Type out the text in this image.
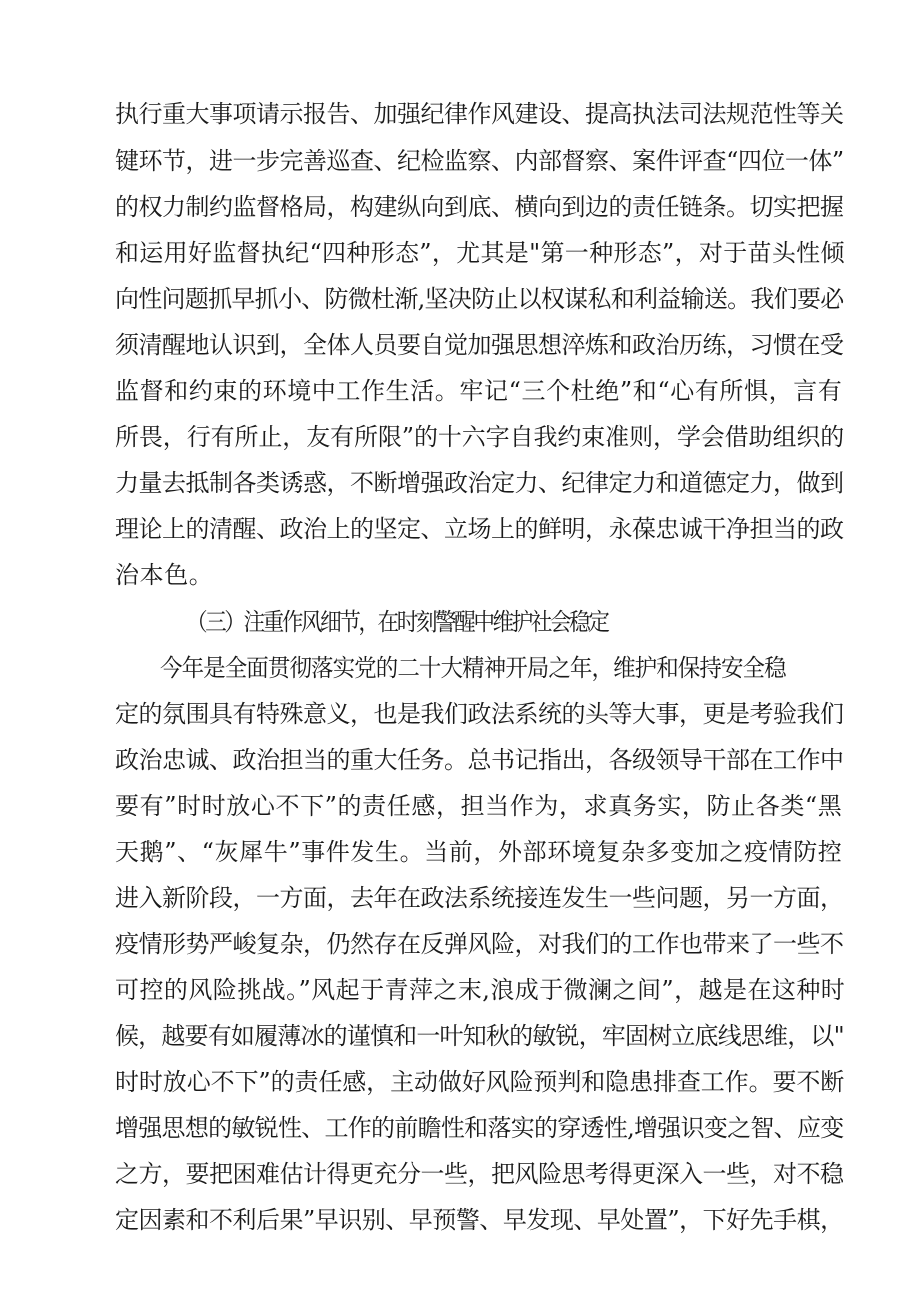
执行重大事项请示报告、加强纪律作风建设、提高执法司法规范性等关
键环节，进一步完善巡查、纪检监察、内部督察、案件评查“四位一体”
的权力制约监督格局，构建纵向到底、横向到边的责任链条。切实把握
和运用好监督执纪“四种形态”，尤其是"第一种形态”，对于苗头性倾
向性问题抓早抓小、防微杜渐,坚决防止以权谋私和利益输送。我们要必
须清醒地认识到，全体人员要自觉加强思想淬炼和政治历练，习惯在受
监督和约束的环境中工作生活。牢记“三个杜绝”和“心有所惧，言有
所畏，行有所止，友有所限”的十六字自我约束准则，学会借助组织的
力量去抵制各类诱惑，不断增强政治定力、纪律定力和道德定力，做到
理论上的清醒、政治上的坚定、立场上的鲜明，永葆忠诚干净担当的政
治本色。
（三）注重作风细节，在时刻警醒中维护社会稳定
今年是全面贯彻落实党的二十大精神开局之年，维护和保持安全稳
定的氛围具有特殊意义，也是我们政法系统的头等大事，更是考验我们
政治忠诚、政治担当的重大任务。总书记指出，各级领导干部在工作中
要有”时时放心不下”的责任感，担当作为，求真务实，防止各类“黑
天鹅”、“灰犀牛”事件发生。当前，外部环境复杂多变加之疫情防控
进入新阶段，一方面，去年在政法系统接连发生一些问题，另一方面，
疫情形势严峻复杂，仍然存在反弹风险，对我们的工作也带来了一些不
可控的风险挑战。”风起于青萍之末,浪成于微澜之间”，越是在这种时
候，越要有如履薄冰的谨慎和一叶知秋的敏锐，牢固树立底线思维，以"
时时放心不下”的责任感，主动做好风险预判和隐患排查工作。要不断
增强思想的敏锐性、工作的前瞻性和落实的穿透性,增强识变之智、应变
之方，要把困难估计得更充分一些，把风险思考得更深入一些，对不稳
定因素和不利后果”早识别、早预警、早发现、早处置”，下好先手棋，
